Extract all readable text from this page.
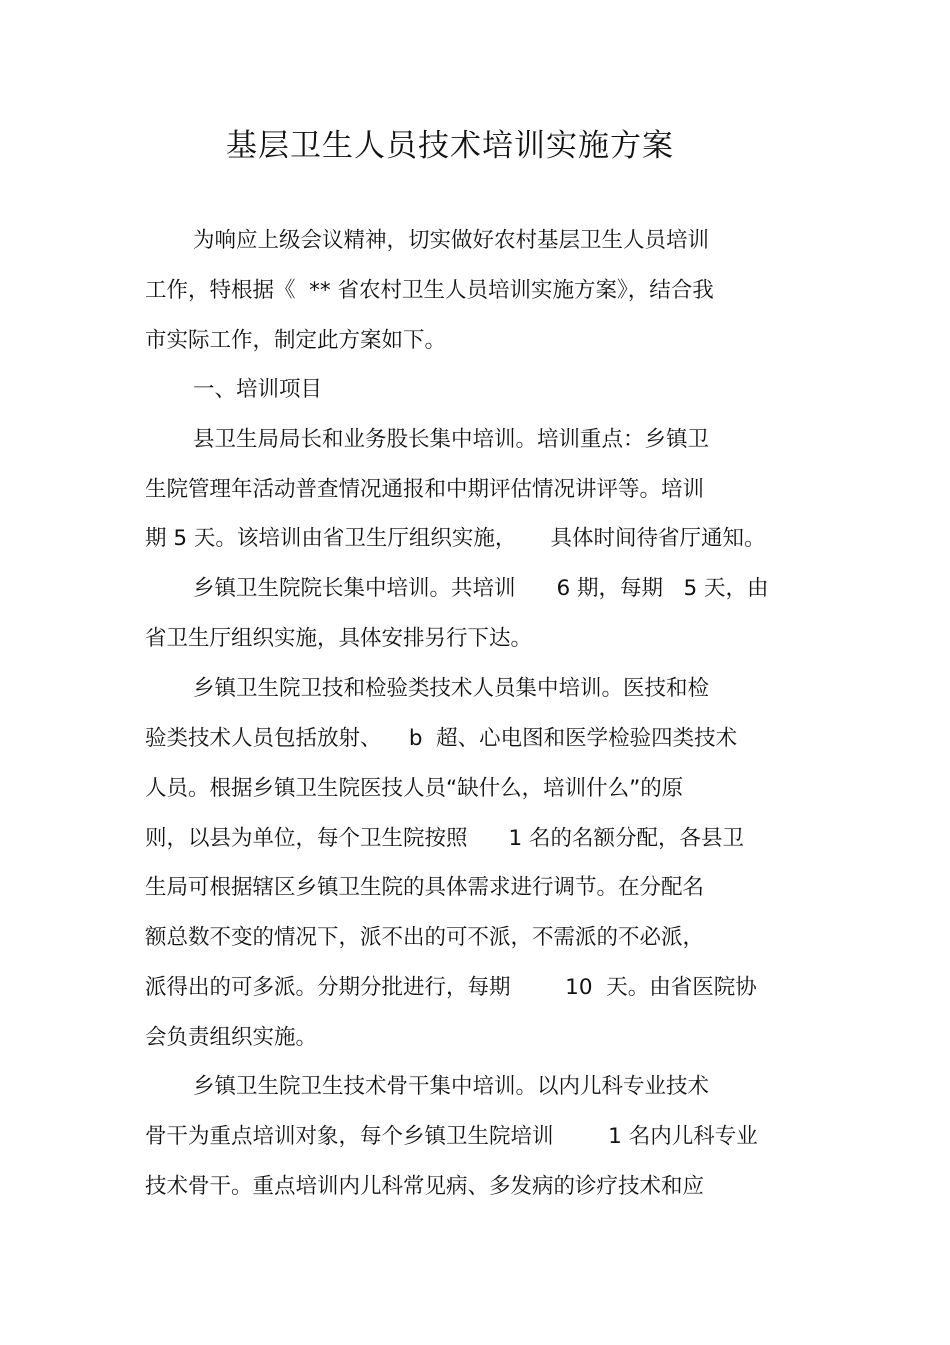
基层卫生人员技术培训实施方案
为响应上级会议精神，切实做好农村基层卫生人员培训
工作，特根据《  ** 省农村卫生人员培训实施方案》，结合我
市实际工作，制定此方案如下。
一、培训项目
县卫生局局长和业务股长集中培训。培训重点：乡镇卫
生院管理年活动普查情况通报和中期评估情况讲评等。培训
期 5 天。该培训由省卫生厅组织实施，     具体时间待省厅通知。
乡镇卫生院院长集中培训。共培训      6 期，每期   5 天，由
省卫生厅组织实施，具体安排另行下达。
乡镇卫生院卫技和检验类技术人员集中培训。医技和检
验类技术人员包括放射、    b  超、心电图和医学检验四类技术
人员。根据乡镇卫生院医技人员“缺什么，培训什么”的原
则，以县为单位，每个卫生院按照      1 名的名额分配，各县卫
生局可根据辖区乡镇卫生院的具体需求进行调节。在分配名
额总数不变的情况下，派不出的可不派，不需派的不必派，
派得出的可多派。分期分批进行，每期        10  天。由省医院协
会负责组织实施。
乡镇卫生院卫生技术骨干集中培训。以内儿科专业技术
骨干为重点培训对象，每个乡镇卫生院培训        1 名内儿科专业
技术骨干。重点培训内儿科常见病、多发病的诊疗技术和应
